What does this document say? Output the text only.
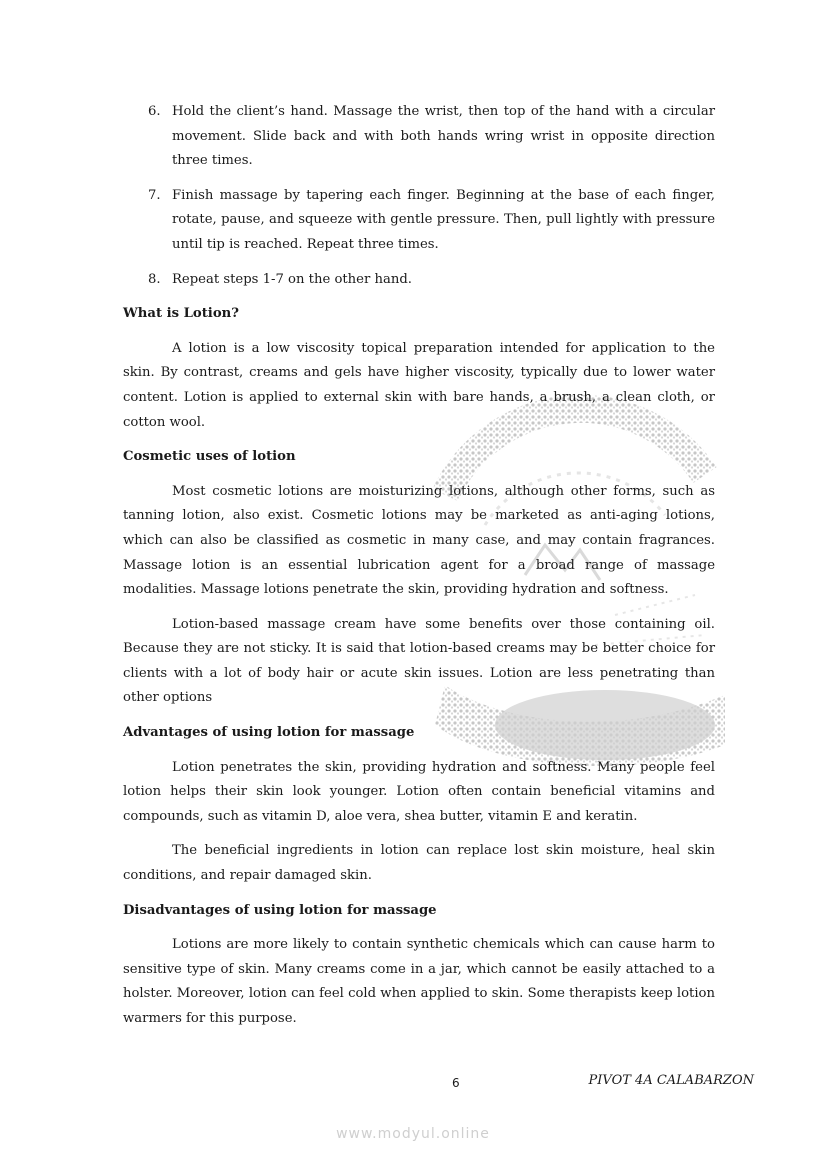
6. Hold the client’s hand. Massage the wrist, then top of the hand with a circular movement. Slide back and with both hands wring wrist in opposite direction three times.
7. Finish massage by tapering each finger. Beginning at the base of each finger, rotate, pause, and squeeze with gentle pressure. Then, pull lightly with pressure until tip is reached. Repeat three times.
8. Repeat steps 1-7 on the other hand.
What is Lotion?

A lotion is a low viscosity topical preparation intended for application to the skin. By contrast, creams and gels have higher viscosity, typically due to lower water content. Lotion is applied to external skin with bare hands, a brush, a clean cloth, or cotton wool.

Cosmetic uses of lotion

Most cosmetic lotions are moisturizing lotions, although other forms, such as tanning lotion, also exist. Cosmetic lotions may be marketed as anti-aging lotions, which can also be classified as cosmetic in many case, and may contain fragrances. Massage lotion is an essential lubrication agent for a broad range of massage modalities. Massage lotions penetrate the skin, providing hydration and softness.

Lotion-based massage cream have some benefits over those containing oil. Because they are not sticky. It is said that lotion-based creams may be better choice for clients with a lot of body hair or acute skin issues. Lotion are less penetrating than other options

Advantages of using lotion for massage

Lotion penetrates the skin, providing hydration and softness. Many people feel lotion helps their skin look younger. Lotion often contain beneficial vitamins and compounds, such as vitamin D, aloe vera, shea butter, vitamin E and keratin.

The beneficial ingredients in lotion can replace lost skin moisture, heal skin conditions, and repair damaged skin.

Disadvantages of using lotion for massage

Lotions are more likely to contain synthetic chemicals which can cause harm to sensitive type of skin. Many creams come in a jar, which cannot be easily attached to a holster. Moreover, lotion can feel cold when applied to skin. Some therapists keep lotion warmers for this purpose.

6	PIVOT 4A CALABARZON
www.modyul.online
